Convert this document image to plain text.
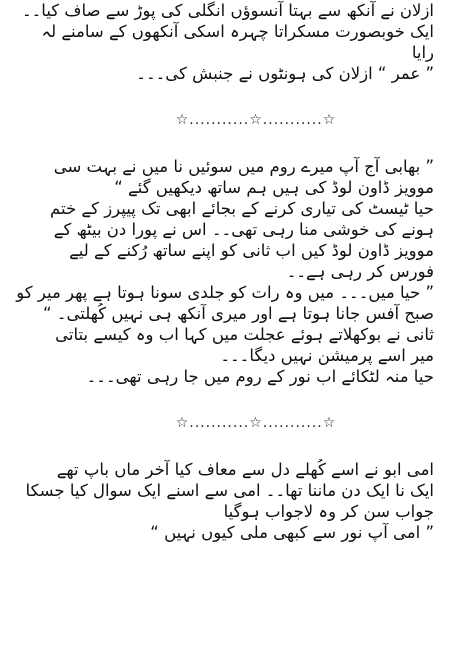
ازلان نے آنکھ سے بہتا آنسوؤں انگلی کی پوڑ سے صاف کیا۔۔

ایک خوبصورت مسکراتا چہرہ اسکی آنکھوں کے سامنے لہ

رایا

” عمر “ ازلان کی ہونٹوں نے جنبش کی۔۔۔

☆...........☆...........☆

” بھابی آج آپ میرے روم میں سوئیں نا میں نے بہت سی

موویز ڈاون لوڈ کی ہیں ہم ساتھ دیکھیں گئے “

حیا ٹیسٹ کی تیاری کرنے کے بجائے ابھی تک پیپرز کے ختم

ہونے کی خوشی منا رہی تھی۔۔ اس نے پورا دن بیٹھ کے

موویز ڈاون لوڈ کیں اب ثانی کو اپنے ساتھ رُکنے کے لیے

فورس کر رہی ہے۔۔

” حیا میں۔۔۔ میں وہ رات کو جلدی سونا ہوتا ہے پھر میر کو

صبح آفس جانا ہوتا ہے اور میری آنکھ ہی نہیں کُھلتی۔ “

ثانی نے بوکھلاتے ہوئے عجلت میں کہا اب وہ کیسے بتاتی

میر اسے پرمیشن نہیں دیگا۔۔۔

حیا منہ لٹکائے اب نور کے روم میں جا رہی تھی۔۔۔

☆...........☆...........☆

امی ابو نے اسے کُھلے دل سے معاف کیا آخر ماں باپ تھے

ایک نا ایک دن ماننا تھا۔۔ امی سے اسنے ایک سوال کیا جسکا

جواب سن کر وہ لاجواب ہوگیا

” امی آپ نور سے کبھی ملی کیوں نہیں “
